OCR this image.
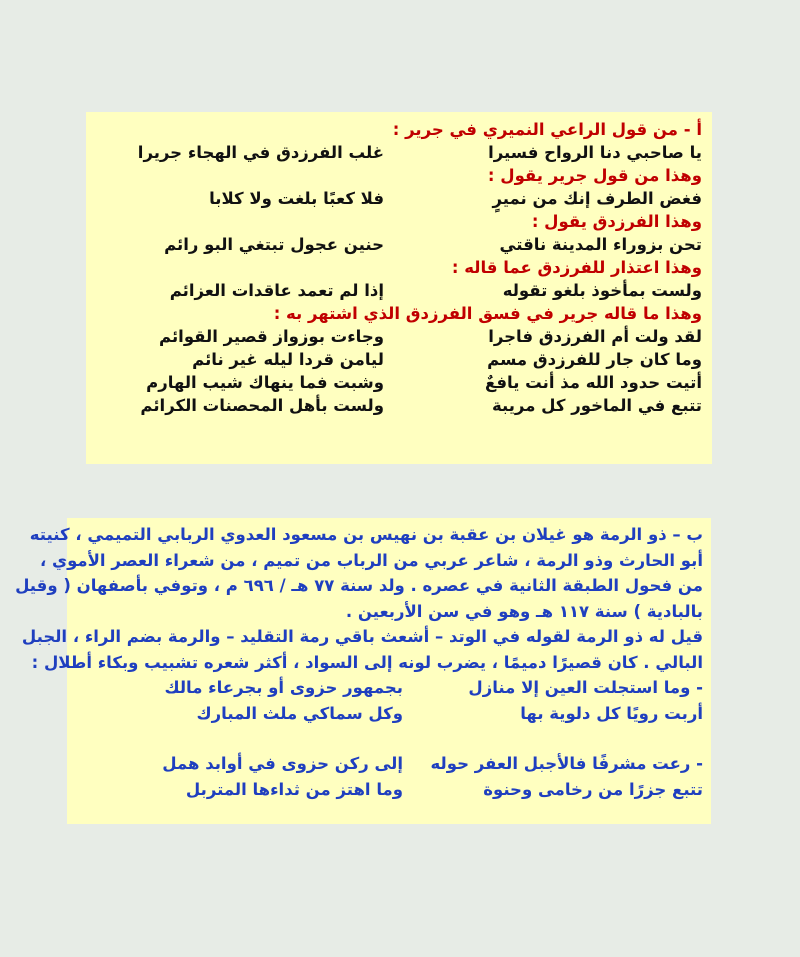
أ - من قول الراعي النميري في جرير :
يا صاحبي دنا الرواح فسيرا
غلب الفرزدق في الهجاء جريرا
وهذا من قول جرير يقول :
فغض الطرف إنك من نميرٍ
فلا كعبًا بلغت ولا كلابا
وهذا الفرزدق يقول :
تحن بزوراء المدينة ناقتي
حنين عجول تبتغي البو رائم
وهذا اعتذار للفرزدق عما قاله :
ولست بمأخوذ بلغو تقوله
إذا لم تعمد عاقدات العزائم
وهذا ما قاله جرير في فسق الفرزدق الذي اشتهر به :
لقد ولت أم الفرزدق فاجرا
وجاءت بوزواز قصير القوائم
وما كان جار للفرزدق مسم
ليامن قردا ليله غير نائم
أتيت حدود الله مذ أنت يافعٌ
وشبت فما ينهاك شيب الهارم
تتبع في الماخور كل مريبة
ولست بأهل المحصنات الكرائم
ب – ذو الرمة هو غيلان بن عقبة بن نهيس بن مسعود العدوي الربابي التميمي ، كنيته
أبو الحارث وذو الرمة ، شاعر عربي من الرباب من تميم ، من شعراء العصر الأموي ،
من فحول الطبقة الثانية في عصره . ولد سنة ٧٧ هـ / ٦٩٦ م ، وتوفي بأصفهان ( وقيل
بالبادية ) سنة ١١٧ هـ وهو في سن الأربعين .
قيل له ذو الرمة لقوله في الوتد – أشعث باقي رمة التقليد – والرمة بضم الراء ، الجبل
البالي . كان قصيرًا دميمًا ، يضرب لونه إلى السواد ، أكثر شعره تشبيب وبكاء أطلال :
- وما استجلت العين إلا منازل
بجمهور حزوى أو بجرعاء مالك
أربت رويًا كل دلوية بها
وكل سماكي ملث المبارك
- رعت مشرفًا فالأجبل العفر حوله
إلى ركن حزوى في أوابد همل
تتبع جزرًا من رخامى وحنوة
وما اهتز من ثداءها المتربل
